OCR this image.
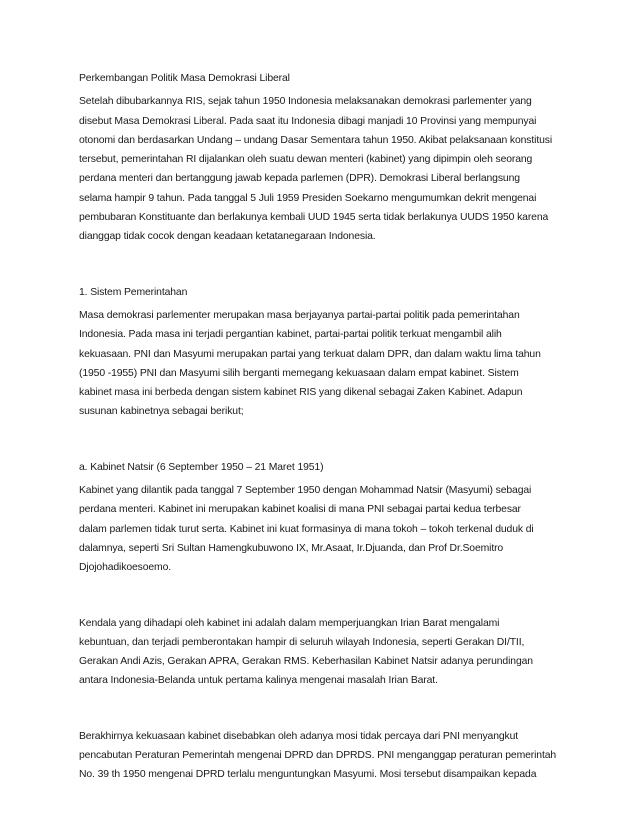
Perkembangan Politik Masa Demokrasi Liberal

Setelah dibubarkannya RIS, sejak tahun 1950 Indonesia melaksanakan demokrasi parlementer yang

disebut Masa Demokrasi Liberal. Pada saat itu Indonesia dibagi manjadi 10 Provinsi yang mempunyai

otonomi dan berdasarkan Undang – undang Dasar Sementara tahun 1950. Akibat pelaksanaan konstitusi

tersebut, pemerintahan RI dijalankan oleh suatu dewan menteri (kabinet) yang dipimpin oleh seorang

perdana menteri dan bertanggung jawab kepada parlemen (DPR). Demokrasi Liberal berlangsung

selama hampir 9 tahun. Pada tanggal 5 Juli 1959 Presiden Soekarno mengumumkan dekrit mengenai

pembubaran Konstituante dan berlakunya kembali UUD 1945 serta tidak berlakunya UUDS 1950 karena

dianggap tidak cocok dengan keadaan ketatanegaraan Indonesia.

1. Sistem Pemerintahan

Masa demokrasi parlementer merupakan masa berjayanya partai-partai politik pada pemerintahan

Indonesia. Pada masa ini terjadi pergantian kabinet, partai-partai politik terkuat mengambil alih

kekuasaan. PNI dan Masyumi merupakan partai yang terkuat dalam DPR, dan dalam waktu lima tahun

(1950 -1955) PNI dan Masyumi silih berganti memegang kekuasaan dalam empat kabinet. Sistem

kabinet masa ini berbeda dengan sistem kabinet RIS yang dikenal sebagai Zaken Kabinet. Adapun

susunan kabinetnya sebagai berikut;

a. Kabinet Natsir (6 September 1950 – 21 Maret 1951)

Kabinet yang dilantik pada tanggal 7 September 1950 dengan Mohammad Natsir (Masyumi) sebagai

perdana menteri. Kabinet ini merupakan kabinet koalisi di mana PNI sebagai partai kedua terbesar

dalam parlemen tidak turut serta. Kabinet ini kuat formasinya di mana tokoh – tokoh terkenal duduk di

dalamnya, seperti Sri Sultan Hamengkubuwono IX, Mr.Asaat, Ir.Djuanda, dan Prof Dr.Soemitro

Djojohadikoesoemo.

Kendala yang dihadapi oleh kabinet ini adalah dalam memperjuangkan Irian Barat mengalami

kebuntuan, dan terjadi pemberontakan hampir di seluruh wilayah Indonesia, seperti Gerakan DI/TII,

Gerakan Andi Azis, Gerakan APRA, Gerakan RMS. Keberhasilan Kabinet Natsir adanya perundingan

antara Indonesia-Belanda untuk pertama kalinya mengenai masalah Irian Barat.

Berakhirnya kekuasaan kabinet disebabkan oleh adanya mosi tidak percaya dari PNI menyangkut

pencabutan Peraturan Pemerintah mengenai DPRD dan DPRDS. PNI menganggap peraturan pemerintah

No. 39 th 1950 mengenai DPRD terlalu menguntungkan Masyumi. Mosi tersebut disampaikan kepada
